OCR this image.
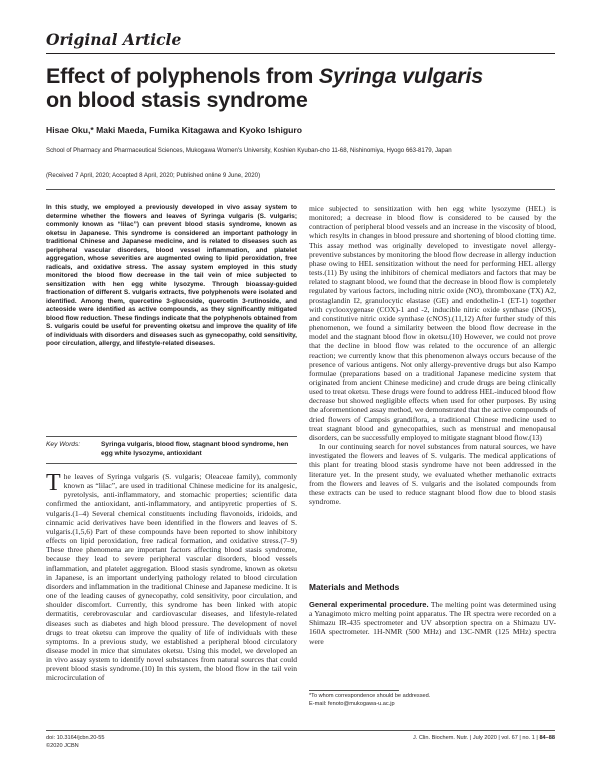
Original Article
Effect of polyphenols from Syringa vulgaris
on blood stasis syndrome
Hisae Oku,* Maki Maeda, Fumika Kitagawa and Kyoko Ishiguro
School of Pharmacy and Pharmaceutical Sciences, Mukogawa Women's University, Koshien Kyuban-cho 11-68, Nishinomiya, Hyogo 663-8179, Japan
(Received 7 April, 2020; Accepted 8 April, 2020; Published online 9 June, 2020)
In this study, we employed a previously developed in vivo assay system to determine whether the flowers and leaves of Syringa vulgaris (S. vulgaris; commonly known as “lilac”) can prevent blood stasis syndrome, known as oketsu in Japanese. This syndrome is considered an important pathology in traditional Chinese and Japanese medicine, and is related to diseases such as peripheral vascular disorders, blood vessel inflammation, and platelet aggregation, whose severities are augmented owing to lipid peroxidation, free radicals, and oxidative stress. The assay system employed in this study monitored the blood flow decrease in the tail vein of mice subjected to sensitization with hen egg white lysozyme. Through bioassay-guided fractionation of different S. vulgaris extracts, five polyphenols were isolated and identified. Among them, quercetine 3-glucoside, quercetin 3-rutinoside, and acteoside were identified as active compounds, as they significantly mitigated blood flow reduction. These findings indicate that the polyphenols obtained from S. vulgaris could be useful for preventing oketsu and improve the quality of life of individuals with disorders and diseases such as gynecopathy, cold sensitivity, poor circulation, allergy, and lifestyle-related diseases.
Key Words:	Syringa vulgaris, blood flow, stagnant blood syndrome, hen egg white lysozyme, antioxidant
The leaves of Syringa vulgaris (S. vulgaris; Oleaceae family), commonly known as “lilac”, are used in traditional Chinese medicine for its analgesic, pyretolysis, anti-inflammatory, and stomachic properties; scientific data confirmed the antioxidant, anti-inflammatory, and antipyretic properties of S. vulgaris.(1–4) Several chemical constituents including flavonoids, iridoids, and cinnamic acid derivatives have been identified in the flowers and leaves of S. vulgaris.(1,5,6) Part of these compounds have been reported to show inhibitory effects on lipid peroxidation, free radical formation, and oxidative stress.(7–9) These three phenomena are important factors affecting blood stasis syndrome, because they lead to severe peripheral vascular disorders, blood vessels inflammation, and platelet aggregation. Blood stasis syndrome, known as oketsu in Japanese, is an important underlying pathology related to blood circulation disorders and inflammation in the traditional Chinese and Japanese medicine. It is one of the leading causes of gynecopathy, cold sensitivity, poor circulation, and shoulder discomfort. Currently, this syndrome has been linked with atopic dermatitis, cerebrovascular and cardiovascular diseases, and lifestyle-related diseases such as diabetes and high blood pressure. The development of novel drugs to treat oketsu can improve the quality of life of individuals with these symptoms. In a previous study, we established a peripheral blood circulatory disease model in mice that simulates oketsu. Using this model, we developed an in vivo assay system to identify novel substances from natural sources that could prevent blood stasis syndrome.(10) In this system, the blood flow in the tail vein microcirculation of

mice subjected to sensitization with hen egg white lysozyme (HEL) is monitored; a decrease in blood flow is considered to be caused by the contraction of peripheral blood vessels and an increase in the viscosity of blood, which resylts in changes in blood pressure and shortening of blood clotting time. This assay method was originally developed to investigate novel allergy-preventive substances by monitoring the blood flow decrease in allergy induction phase owing to HEL sensitization without the need for performing HEL allergy tests.(11) By using the inhibitors of chemical mediators and factors that may be related to stagnant blood, we found that the decrease in blood flow is completely regulated by various factors, including nitric oxide (NO), thromboxane (TX) A2, prostaglandin I2, granulocytic elastase (GE) and endothelin-1 (ET-1) together with cyclooxygenase (COX)-1 and -2, inducible nitric oxide synthase (iNOS), and constitutive nitric oxide synthase (cNOS).(11,12) After further study of this phenomenon, we found a similarity between the blood flow decrease in the model and the stagnant blood flow in oketsu.(10) However, we could not prove that the decline in blood flow was related to the occurence of an allergic reaction; we currently know that this phenomenon always occurs because of the presence of various antigens. Not only allergy-preventive drugs but also Kampo formulae (preparations based on a traditional Japanese medicine system that originated from ancient Chinese medicine) and crude drugs are being clinically used to treat oketsu. These drugs were found to address HEL-induced blood flow decrease but showed negligible effects when used for other purposes. By using the aforementioned assay method, we demonstrated that the active compounds of dried flowers of Campsis grandiflora, a traditional Chinese medicine used to treat stagnant blood and gynecopathies, such as menstrual and menopausal disorders, can be successfully employed to mitigate stagnant blood flow.(13)

In our continuing search for novel substances from natural sources, we have investigated the flowers and leaves of S. vulgaris. The medical applications of this plant for treating blood stasis syndrome have not been addressed in the literature yet. In the present study, we evaluated whether methanolic extracts from the flowers and leaves of S. vulgaris and the isolated compounds from these extracts can be used to reduce stagnant blood flow due to blood stasis syndrome.

Materials and Methods
General experimental procedure. The melting point was determined using a Yanagimoto micro melting point apparatus. The IR spectra were recorded on a Shimazu IR-435 spectrometer and UV absorption spectra on a Shimazu UV-160A spectrometer. 1H-NMR (500 MHz) and 13C-NMR (125 MHz) spectra were
*To whom correspondence should be addressed.
E-mail: fenoto@mukogawa-u.ac.jp
doi: 10.3164/jcbn.20-55
©2020 JCBN
J. Clin. Biochem. Nutr. | July 2020 | vol. 67 | no. 1 | 84–88
